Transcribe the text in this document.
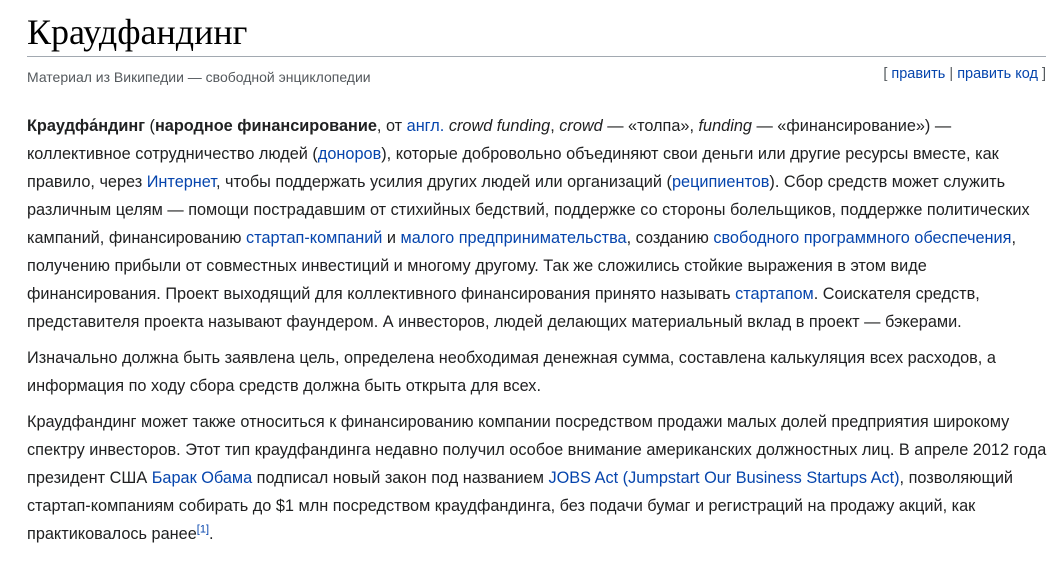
Краудфандинг
Материал из Википедии — свободной энциклопедии	[ править | править код ]

Краудфа́ндинг (народное финансирование, от англ. crowd funding, crowd — «толпа», funding — «финансирование») — коллективное сотрудничество людей (доноров), которые добровольно объединяют свои деньги или другие ресурсы вместе, как правило, через Интернет, чтобы поддержать усилия других людей или организаций (реципиентов). Сбор средств может служить различным целям — помощи пострадавшим от стихийных бедствий, поддержке со стороны болельщиков, поддержке политических кампаний, финансированию стартап-компаний и малого предпринимательства, созданию свободного программного обеспечения, получению прибыли от совместных инвестиций и многому другому. Так же сложились стойкие выражения в этом виде финансирования. Проект выходящий для коллективного финансирования принято называть стартапом. Соискателя средств, представителя проекта называют фаундером. А инвесторов, людей делающих материальный вклад в проект — бэкерами.

Изначально должна быть заявлена цель, определена необходимая денежная сумма, составлена калькуляция всех расходов, а информация по ходу сбора средств должна быть открыта для всех.

Краудфандинг может также относиться к финансированию компании посредством продажи малых долей предприятия широкому спектру инвесторов. Этот тип краудфандинга недавно получил особое внимание американских должностных лиц. В апреле 2012 года президент США Барак Обама подписал новый закон под названием JOBS Act (Jumpstart Our Business Startups Act), позволяющий стартап-компаниям собирать до $1 млн посредством краудфандинга, без подачи бумаг и регистраций на продажу акций, как практиковалось ранее[1].
